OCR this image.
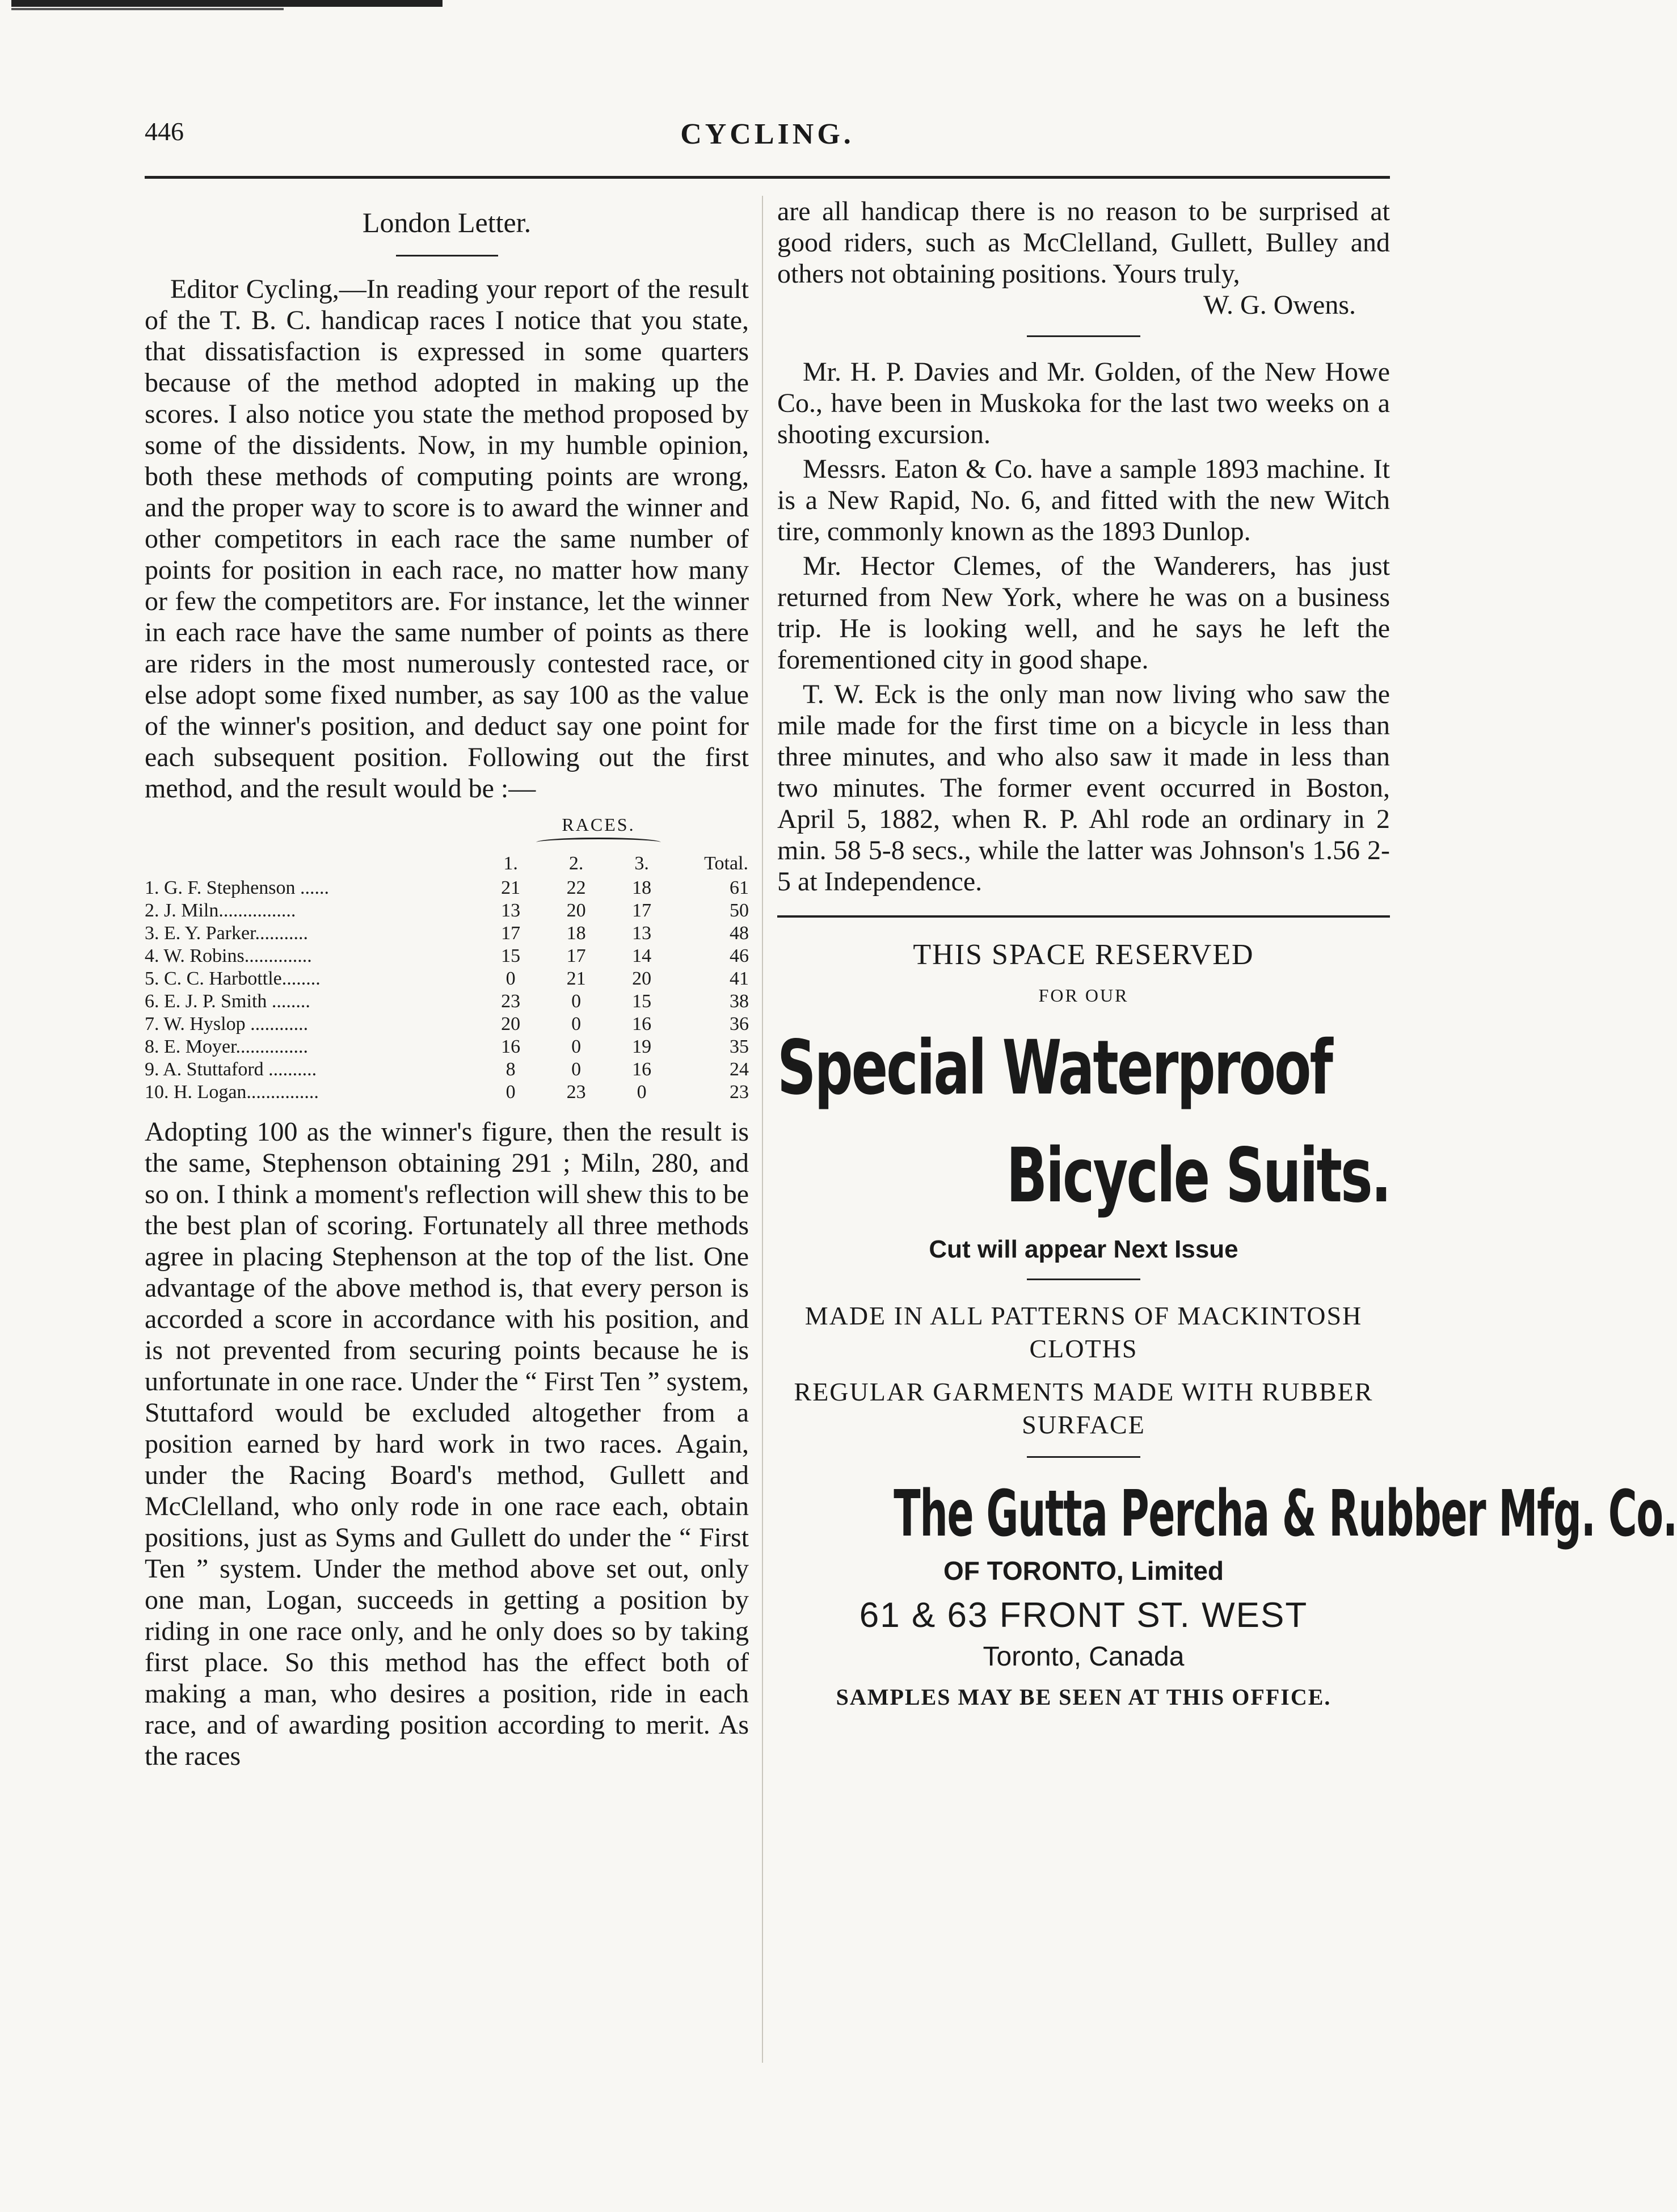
446	CYCLING.
London Letter.

Editor Cycling,—In reading your report of the result of the T. B. C. handicap races I notice that you state, that dissatisfaction is expressed in some quarters because of the method adopted in making up the scores. I also notice you state the method proposed by some of the dissidents. Now, in my humble opinion, both these methods of computing points are wrong, and the proper way to score is to award the winner and other competitors in each race the same number of points for position in each race, no matter how many or few the competitors are. For instance, let the winner in each race have the same number of points as there are riders in the most numerously contested race, or else adopt some fixed number, as say 100 as the value of the winner's position, and deduct say one point for each subsequent position. Following out the first method, and the result would be :—

RACES.
	1.	2.	3.	Total.
1. G. F. Stephenson ......	21	22	18	61
2. J. Miln................	13	20	17	50
3. E. Y. Parker...........	17	18	13	48
4. W. Robins..............	15	17	14	46
5. C. C. Harbottle........	0	21	20	41
6. E. J. P. Smith ........	23	0	15	38
7. W. Hyslop ............	20	0	16	36
8. E. Moyer...............	16	0	19	35
9. A. Stuttaford ..........	8	0	16	24
10. H. Logan...............	0	23	0	23

Adopting 100 as the winner's figure, then the result is the same, Stephenson obtaining 291 ; Miln, 280, and so on. I think a moment's reflection will shew this to be the best plan of scoring. Fortunately all three methods agree in placing Stephenson at the top of the list. One advantage of the above method is, that every person is accorded a score in accordance with his position, and is not prevented from securing points because he is unfortunate in one race. Under the “ First Ten ” system, Stuttaford would be excluded altogether from a position earned by hard work in two races. Again, under the Racing Board's method, Gullett and McClelland, who only rode in one race each, obtain positions, just as Syms and Gullett do under the “ First Ten ” system. Under the method above set out, only one man, Logan, succeeds in getting a position by riding in one race only, and he only does so by taking first place. So this method has the effect both of making a man, who desires a position, ride in each race, and of awarding position according to merit. As the races

are all handicap there is no reason to be surprised at good riders, such as McClelland, Gullett, Bulley and others not obtaining positions. Yours truly,

W. G. Owens.

Mr. H. P. Davies and Mr. Golden, of the New Howe Co., have been in Muskoka for the last two weeks on a shooting excursion.

Messrs. Eaton & Co. have a sample 1893 machine. It is a New Rapid, No. 6, and fitted with the new Witch tire, commonly known as the 1893 Dunlop.

Mr. Hector Clemes, of the Wanderers, has just returned from New York, where he was on a business trip. He is looking well, and he says he left the forementioned city in good shape.

T. W. Eck is the only man now living who saw the mile made for the first time on a bicycle in less than three minutes, and who also saw it made in less than two minutes. The former event occurred in Boston, April 5, 1882, when R. P. Ahl rode an ordinary in 2 min. 58 5-8 secs., while the latter was Johnson's 1.56 2-5 at Independence.

THIS SPACE RESERVED
FOR OUR
Special Waterproof
Bicycle Suits.
Cut will appear Next Issue
MADE IN ALL PATTERNS OF MACKINTOSH CLOTHS
REGULAR GARMENTS MADE WITH RUBBER SURFACE
The Gutta Percha & Rubber Mfg. Co.
OF TORONTO, Limited
61 & 63 FRONT ST. WEST
Toronto, Canada
SAMPLES MAY BE SEEN AT THIS OFFICE.
